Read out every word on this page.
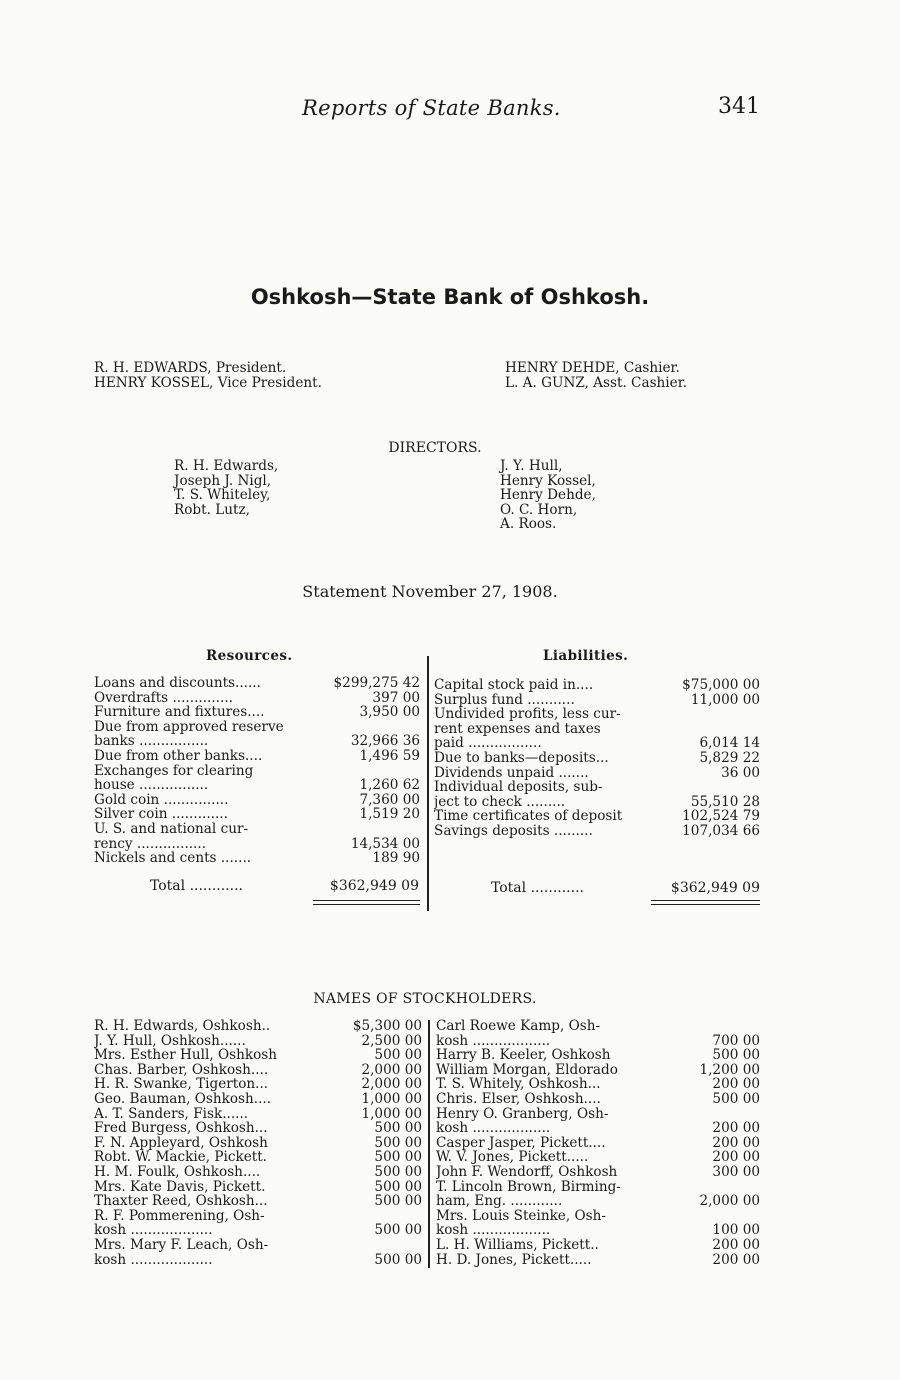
Reports of State Banks.	341
Oshkosh—State Bank of Oshkosh.
R. H. EDWARDS, President.
HENRY KOSSEL, Vice President.
HENRY DEHDE, Cashier.
L. A. GUNZ, Asst. Cashier.
DIRECTORS.
R. H. Edwards,
Joseph J. Nigl,
T. S. Whiteley,
Robt. Lutz,
J. Y. Hull,
Henry Kossel,
Henry Dehde,
O. C. Horn,
A. Roos.
Statement November 27, 1908.
Resources.	Liabilities.
Loans and discounts......	$299,275 42
Overdrafts ..............	397 00
Furniture and fixtures....	3,950 00
Due from approved reserve
banks ................	32,966 36
Due from other banks....	1,496 59
Exchanges for clearing
house ................	1,260 62
Gold coin ...............	7,360 00
Silver coin .............	1,519 20
U. S. and national cur-
rency ................	14,534 00
Nickels and cents .......	189 90
Capital stock paid in....	$75,000 00
Surplus fund ...........	11,000 00
Undivided profits, less cur-
rent expenses and taxes
paid .................	6,014 14
Due to banks—deposits...	5,829 22
Dividends unpaid .......	36 00
Individual deposits, sub-
ject to check .........	55,510 28
Time certificates of deposit	102,524 79
Savings deposits .........	107,034 66
Total ............	$362,949 09	Total ............	$362,949 09
NAMES OF STOCKHOLDERS.
R. H. Edwards, Oshkosh..	$5,300 00
J. Y. Hull, Oshkosh......	2,500 00
Mrs. Esther Hull, Oshkosh	500 00
Chas. Barber, Oshkosh....	2,000 00
H. R. Swanke, Tigerton...	2,000 00
Geo. Bauman, Oshkosh....	1,000 00
A. T. Sanders, Fisk......	1,000 00
Fred Burgess, Oshkosh...	500 00
F. N. Appleyard, Oshkosh	500 00
Robt. W. Mackie, Pickett.	500 00
H. M. Foulk, Oshkosh....	500 00
Mrs. Kate Davis, Pickett.	500 00
Thaxter Reed, Oshkosh...	500 00
R. F. Pommerening, Osh-
kosh ...................	500 00
Mrs. Mary F. Leach, Osh-
kosh ...................	500 00
Carl Roewe Kamp, Osh-
kosh ..................	700 00
Harry B. Keeler, Oshkosh	500 00
William Morgan, Eldorado	1,200 00
T. S. Whitely, Oshkosh...	200 00
Chris. Elser, Oshkosh....	500 00
Henry O. Granberg, Osh-
kosh ..................	200 00
Casper Jasper, Pickett....	200 00
W. V. Jones, Pickett.....	200 00
John F. Wendorff, Oshkosh	300 00
T. Lincoln Brown, Birming-
ham, Eng. ............	2,000 00
Mrs. Louis Steinke, Osh-
kosh ..................	100 00
L. H. Williams, Pickett..	200 00
H. D. Jones, Pickett.....	200 00
